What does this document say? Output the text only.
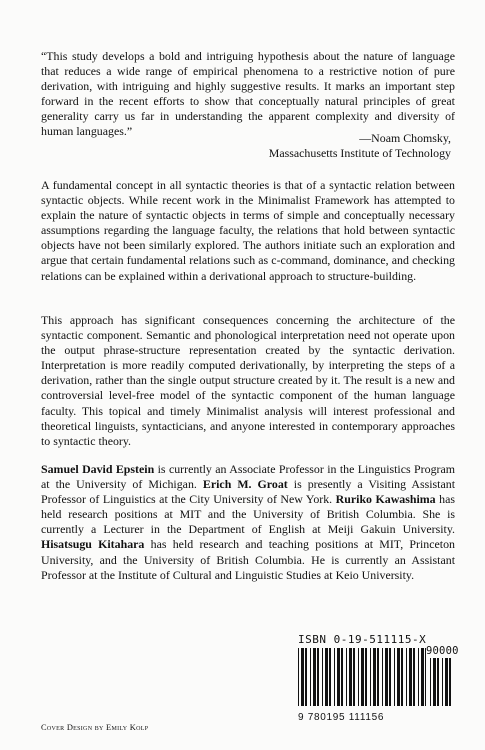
“This study develops a bold and intriguing hypothesis about the nature of language that reduces a wide range of empirical phenomena to a restrictive notion of pure derivation, with intriguing and highly suggestive results. It marks an important step forward in the recent efforts to show that conceptually natural principles of great generality carry us far in understanding the apparent complexity and diversity of human languages.”	—Noam Chomsky,
Massachusetts Institute of Technology
A fundamental concept in all syntactic theories is that of a syntactic relation between syntactic objects. While recent work in the Minimalist Framework has attempted to explain the nature of syntactic objects in terms of simple and conceptually necessary assumptions regarding the language faculty, the relations that hold between syntactic objects have not been similarly explored. The authors initiate such an exploration and argue that certain fundamental relations such as c-command, dominance, and checking relations can be explained within a derivational approach to structure-building.
This approach has significant consequences concerning the architecture of the syntactic component. Semantic and phonological interpretation need not operate upon the output phrase-structure representation created by the syntactic derivation. Interpretation is more readily computed derivationally, by interpreting the steps of a derivation, rather than the single output structure created by it. The result is a new and controversial level-free model of the syntactic component of the human language faculty. This topical and timely Minimalist analysis will interest professional and theoretical linguists, syntacticians, and anyone interested in contemporary approaches to syntactic theory.
Samuel David Epstein is currently an Associate Professor in the Linguistics Program at the University of Michigan. Erich M. Groat is presently a Visiting Assistant Professor of Linguistics at the City University of New York. Ruriko Kawashima has held research positions at MIT and the University of British Columbia. She is currently a Lecturer in the Department of English at Meiji Gakuin University. Hisatsugu Kitahara has held research and teaching positions at MIT, Princeton University, and the University of British Columbia. He is currently an Assistant Professor at the Institute of Cultural and Linguistic Studies at Keio University.
ISBN 0-19-511115-X
90000
9 780195 111156
Cover Design by Emily Kolp
